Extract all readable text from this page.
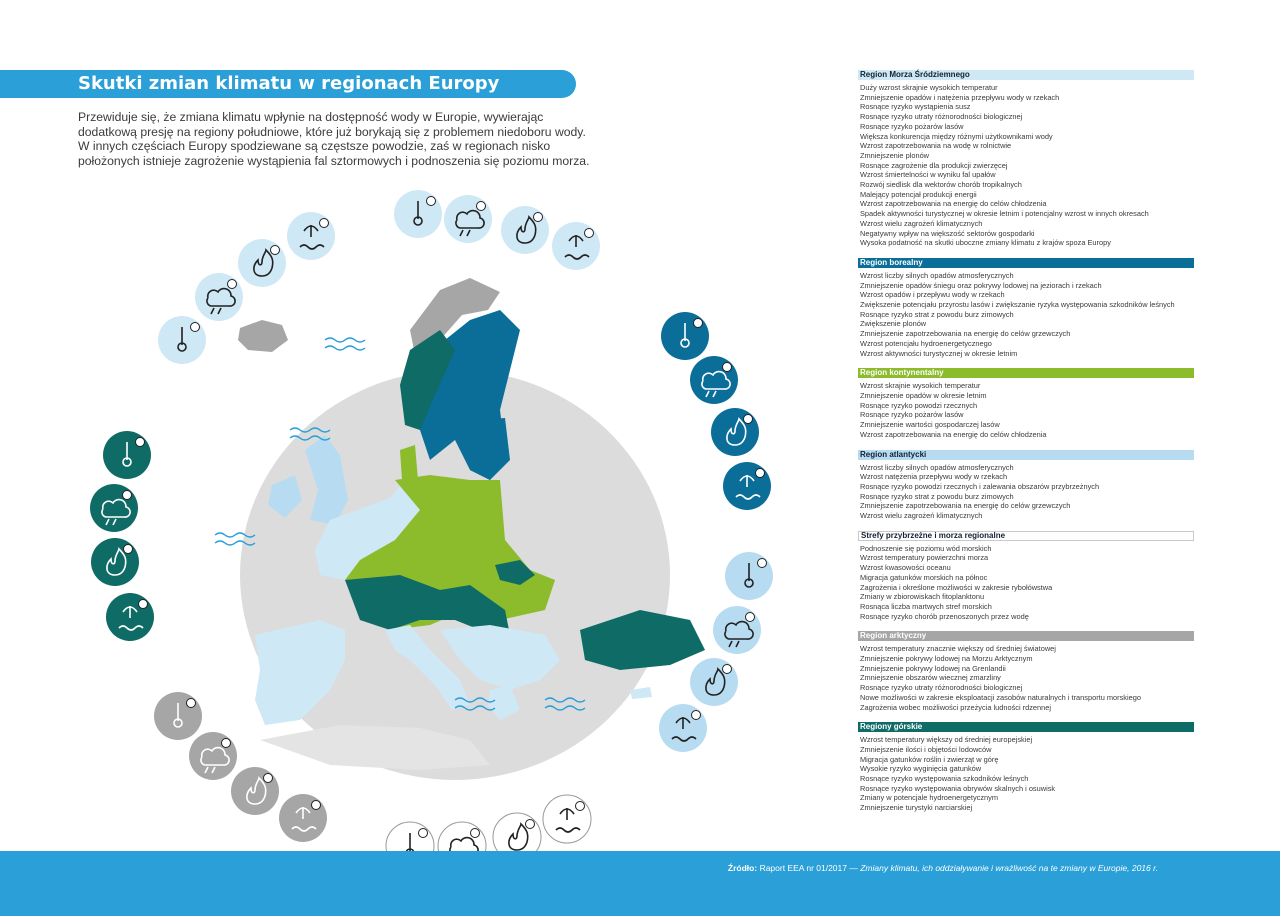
Skutki zmian klimatu w regionach Europy

Przewiduje się, że zmiana klimatu wpłynie na dostępność wody w Europie, wywierając dodatkową presję na regiony południowe, które już borykają się z problemem niedoboru wody. W innych częściach Europy spodziewane są częstsze powodzie, zaś w regionach nisko położonych istnieje zagrożenie wystąpienia fal sztormowych i podnoszenia się poziomu morza.

Region Morza Śródziemnego
Duży wzrost skrajnie wysokich temperatur
Zmniejszenie opadów i natężenia przepływu wody w rzekach
Rosnące ryzyko wystąpienia susz
Rosnące ryzyko utraty różnorodności biologicznej
Rosnące ryzyko pożarów lasów
Większa konkurencja między różnymi użytkownikami wody
Wzrost zapotrzebowania na wodę w rolnictwie
Zmniejszenie plonów
Rosnące zagrożenie dla produkcji zwierzęcej
Wzrost śmiertelności w wyniku fal upałów
Rozwój siedlisk dla wektorów chorób tropikalnych
Malejący potencjał produkcji energii
Wzrost zapotrzebowania na energię do celów chłodzenia
Spadek aktywności turystycznej w okresie letnim i potencjalny wzrost w innych okresach
Wzrost wielu zagrożeń klimatycznych
Negatywny wpływ na większość sektorów gospodarki
Wysoka podatność na skutki uboczne zmiany klimatu z krajów spoza Europy
Region borealny
Wzrost liczby silnych opadów atmosferycznych
Zmniejszenie opadów śniegu oraz pokrywy lodowej na jeziorach i rzekach
Wzrost opadów i przepływu wody w rzekach
Zwiększenie potencjału przyrostu lasów i zwiększanie ryzyka występowania szkodników leśnych
Rosnące ryzyko strat z powodu burz zimowych
Zwiększenie plonów
Zmniejszenie zapotrzebowania na energię do celów grzewczych
Wzrost potencjału hydroenergetycznego
Wzrost aktywności turystycznej w okresie letnim
Region kontynentalny
Wzrost skrajnie wysokich temperatur
Zmniejszenie opadów w okresie letnim
Rosnące ryzyko powodzi rzecznych
Rosnące ryzyko pożarów lasów
Zmniejszenie wartości gospodarczej lasów
Wzrost zapotrzebowania na energię do celów chłodzenia
Region atlantycki
Wzrost liczby silnych opadów atmosferycznych
Wzrost natężenia przepływu wody w rzekach
Rosnące ryzyko powodzi rzecznych i zalewania obszarów przybrzeżnych
Rosnące ryzyko strat z powodu burz zimowych
Zmniejszenie zapotrzebowania na energię do celów grzewczych
Wzrost wielu zagrożeń klimatycznych
Strefy przybrzeżne i morza regionalne
Podnoszenie się poziomu wód morskich
Wzrost temperatury powierzchni morza
Wzrost kwasowości oceanu
Migracja gatunków morskich na północ
Zagrożenia i określone możliwości w zakresie rybołówstwa
Zmiany w zbiorowiskach fitoplanktonu
Rosnąca liczba martwych stref morskich
Rosnące ryzyko chorób przenoszonych przez wodę
Region arktyczny
Wzrost temperatury znacznie większy od średniej światowej
Zmniejszenie pokrywy lodowej na Morzu Arktycznym
Zmniejszenie pokrywy lodowej na Grenlandii
Zmniejszenie obszarów wiecznej zmarzliny
Rosnące ryzyko utraty różnorodności biologicznej
Nowe możliwości w zakresie eksploatacji zasobów naturalnych i transportu morskiego
Zagrożenia wobec możliwości przeżycia ludności rdzennej
Regiony górskie
Wzrost temperatury większy od średniej europejskiej
Zmniejszenie ilości i objętości lodowców
Migracja gatunków roślin i zwierząt w górę
Wysokie ryzyko wyginięcia gatunków
Rosnące ryzyko występowania szkodników leśnych
Rosnące ryzyko występowania obrywów skalnych i osuwisk
Zmiany w potencjale hydroenergetycznym
Zmniejszenie turystyki narciarskiej

Źródło: Raport EEA nr 01/2017 — Zmiany klimatu, ich oddziaływanie i wrażliwość na te zmiany w Europie, 2016 r.
